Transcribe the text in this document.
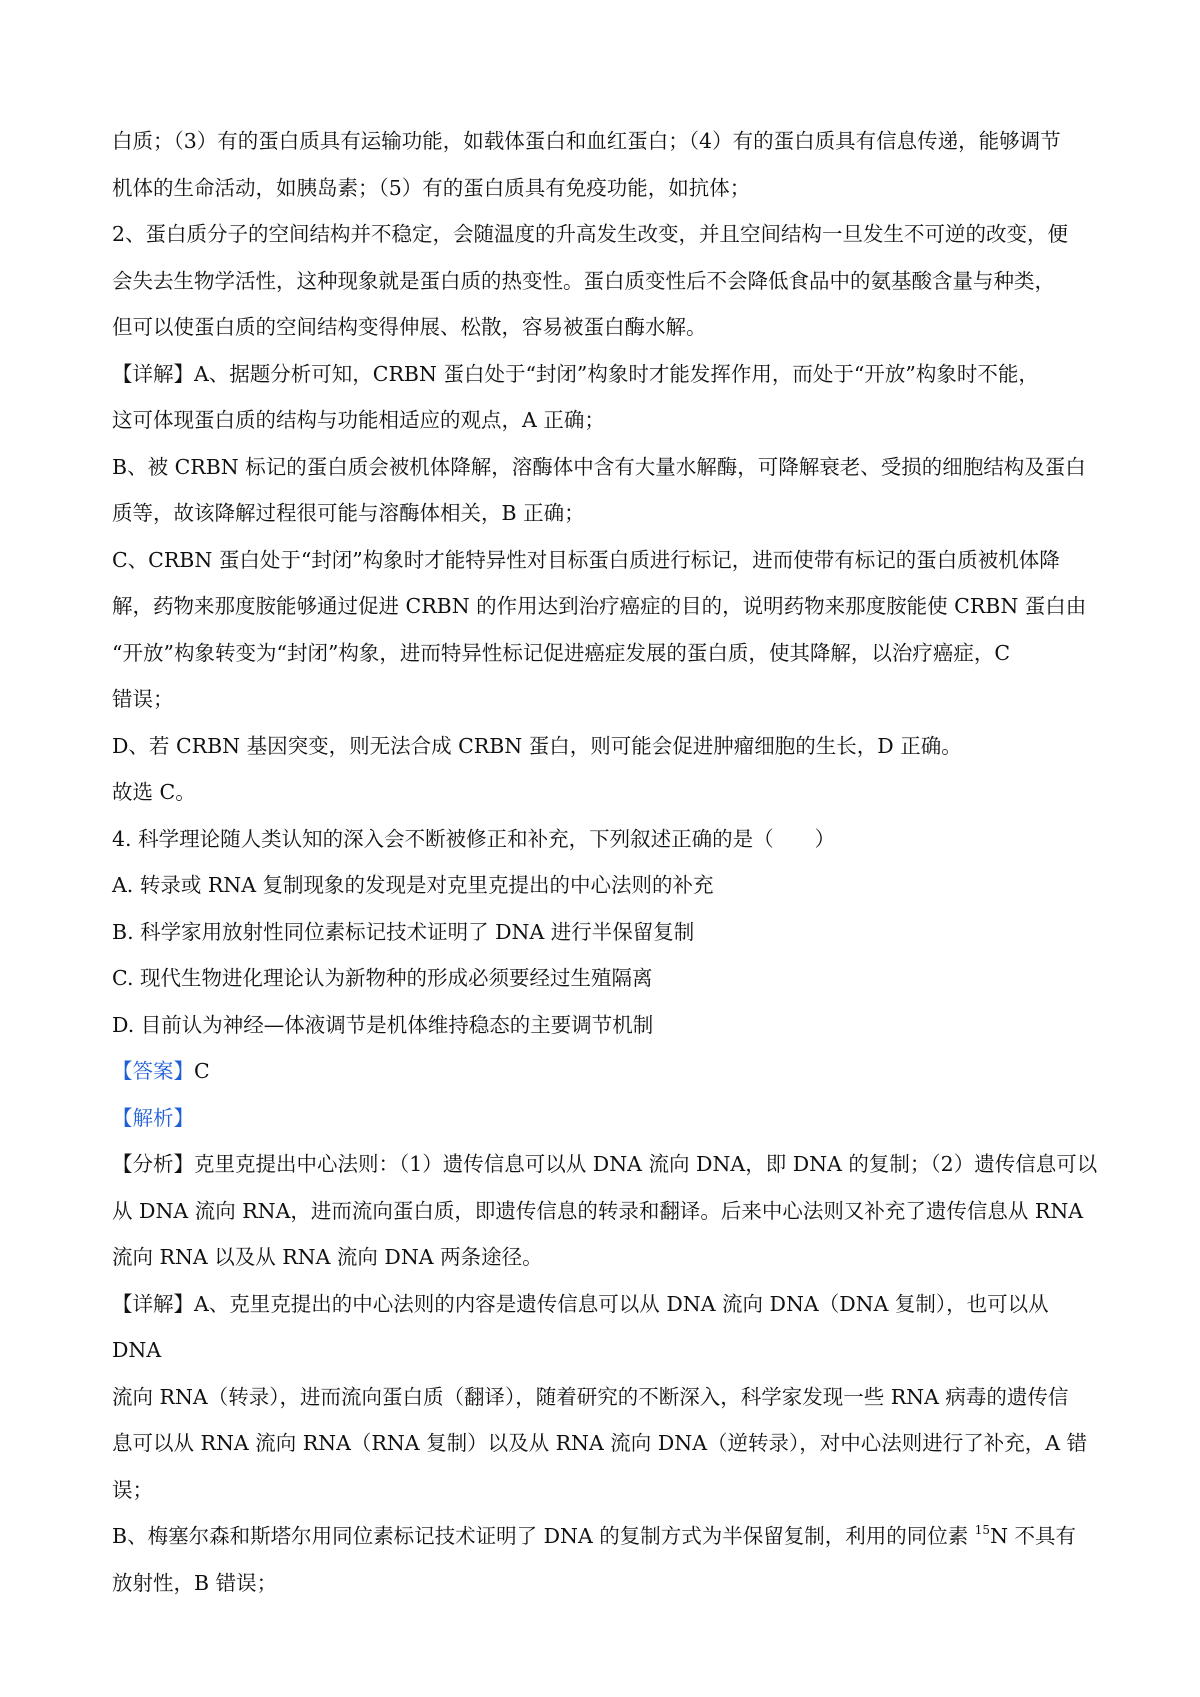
白质；（3）有的蛋白质具有运输功能，如载体蛋白和血红蛋白；（4）有的蛋白质具有信息传递，能够调节

机体的生命活动，如胰岛素；（5）有的蛋白质具有免疫功能，如抗体；

2、蛋白质分子的空间结构并不稳定，会随温度的升高发生改变，并且空间结构一旦发生不可逆的改变，便

会失去生物学活性，这种现象就是蛋白质的热变性。蛋白质变性后不会降低食品中的氨基酸含量与种类，

但可以使蛋白质的空间结构变得伸展、松散，容易被蛋白酶水解。

【详解】A、据题分析可知，CRBN 蛋白处于“封闭”构象时才能发挥作用，而处于“开放”构象时不能，

这可体现蛋白质的结构与功能相适应的观点，A 正确；

B、被 CRBN 标记的蛋白质会被机体降解，溶酶体中含有大量水解酶，可降解衰老、受损的细胞结构及蛋白

质等，故该降解过程很可能与溶酶体相关，B 正确；

C、CRBN 蛋白处于“封闭”构象时才能特异性对目标蛋白质进行标记，进而使带有标记的蛋白质被机体降

解，药物来那度胺能够通过促进 CRBN 的作用达到治疗癌症的目的，说明药物来那度胺能使 CRBN 蛋白由

“开放”构象转变为“封闭”构象，进而特异性标记促进癌症发展的蛋白质，使其降解，以治疗癌症，C

错误；

D、若 CRBN 基因突变，则无法合成 CRBN 蛋白，则可能会促进肿瘤细胞的生长，D 正确。

故选 C。

4. 科学理论随人类认知的深入会不断被修正和补充，下列叙述正确的是（　　）

A. 转录或 RNA 复制现象的发现是对克里克提出的中心法则的补充

B. 科学家用放射性同位素标记技术证明了 DNA 进行半保留复制

C. 现代生物进化理论认为新物种的形成必须要经过生殖隔离

D. 目前认为神经—体液调节是机体维持稳态的主要调节机制

【答案】C

【解析】

【分析】克里克提出中心法则：（1）遗传信息可以从 DNA 流向 DNA，即 DNA 的复制；（2）遗传信息可以

从 DNA 流向 RNA，进而流向蛋白质，即遗传信息的转录和翻译。后来中心法则又补充了遗传信息从 RNA

流向 RNA 以及从 RNA 流向 DNA 两条途径。

【详解】A、克里克提出的中心法则的内容是遗传信息可以从 DNA 流向 DNA（DNA 复制），也可以从 DNA

流向 RNA（转录），进而流向蛋白质（翻译），随着研究的不断深入，科学家发现一些 RNA 病毒的遗传信

息可以从 RNA 流向 RNA（RNA 复制）以及从 RNA 流向 DNA（逆转录），对中心法则进行了补充，A 错误；

B、梅塞尔森和斯塔尔用同位素标记技术证明了 DNA 的复制方式为半保留复制，利用的同位素 $^{15}$N 不具有

放射性，B 错误；
